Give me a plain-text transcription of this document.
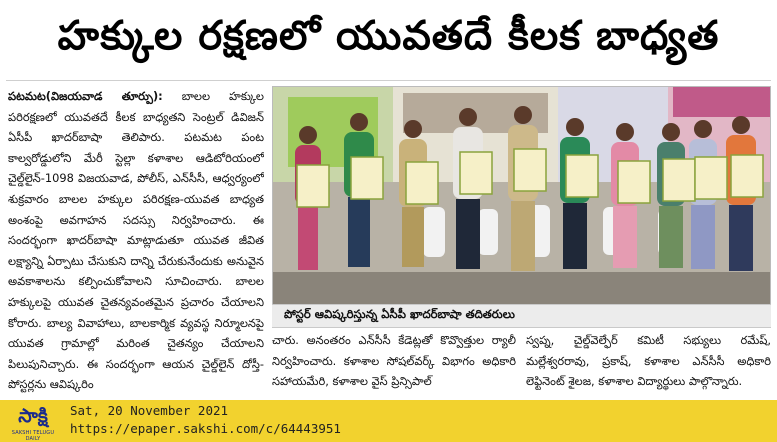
హక్కుల రక్షణలో యువతదే కీలక బాధ్యత
పటమట(విజయవాడ తూర్పు): బాలల హక్కుల పరిరక్షణలో యువతదే కీలక బాధ్యతని సెంట్రల్ డివిజన్ ఏసీపీ ఖాదర్‌బాషా తెలిపారు. పటమట పంట కాల్వరోడ్డులోని మేరీ స్టెల్లా కళాశాల ఆడిటోరియంలో చైల్డ్‌లైన్-1098 విజయవాడ, పోలీస్, ఎన్‌సీసీ, ఆధ్వర్యంలో శుక్రవారం బాలల హక్కుల పరిరక్షణ-యువత బాధ్యత అంశంపై అవగాహన సదస్సు నిర్వహించారు. ఈ సందర్భంగా ఖాదర్‌బాషా మాట్లాడుతూ యువత జీవిత లక్ష్యాన్ని ఏర్పాటు చేసుకుని దాన్ని చేరుకునేందుకు అనువైన అవకాశాలను కల్పించుకోవాలని సూచించారు. బాలల హక్కులపై యువత చైతన్యవంతమైన ప్రచారం చేయాలని కోరారు. బాల్య వివాహాలు, బాలకార్మిక వ్యవస్థ నిర్మూలనపై యువత గ్రామాల్లో మరింత చైతన్యం చేయాలని పిలుపునిచ్చారు. ఈ సందర్భంగా ఆయన చైల్డ్‌లైన్ దోస్తీ-పోస్టర్లను ఆవిష్కరిం
పోస్టర్ ఆవిష్కరిస్తున్న ఏసీపీ ఖాదర్‌బాషా తదితరులు
చారు. అనంతరం ఎన్‌సీసీ కేడెట్లతో కొవ్వొత్తుల ర్యాలీ నిర్వహించారు. కళాశాల సోషల్‌వర్క్ విభాగం అధికారి సహాయమేరి, కళాశాల వైస్ ప్రిన్సిపాల్
స్వప్న, చైల్డ్‌వెల్ఫేర్ కమిటీ సభ్యులు రమేష్, మల్లేశ్వరరావు, ప్రకాష్, కళాశాల ఎన్‌సీసీ అధికారి లెఫ్టినెంట్ శైలజ, కళాశాల విద్యార్థులు పాల్గొన్నారు.
సాక్షి
SAKSHI TELUGU DAILY
Sat, 20 November 2021
https://epaper.sakshi.com/c/64443951
